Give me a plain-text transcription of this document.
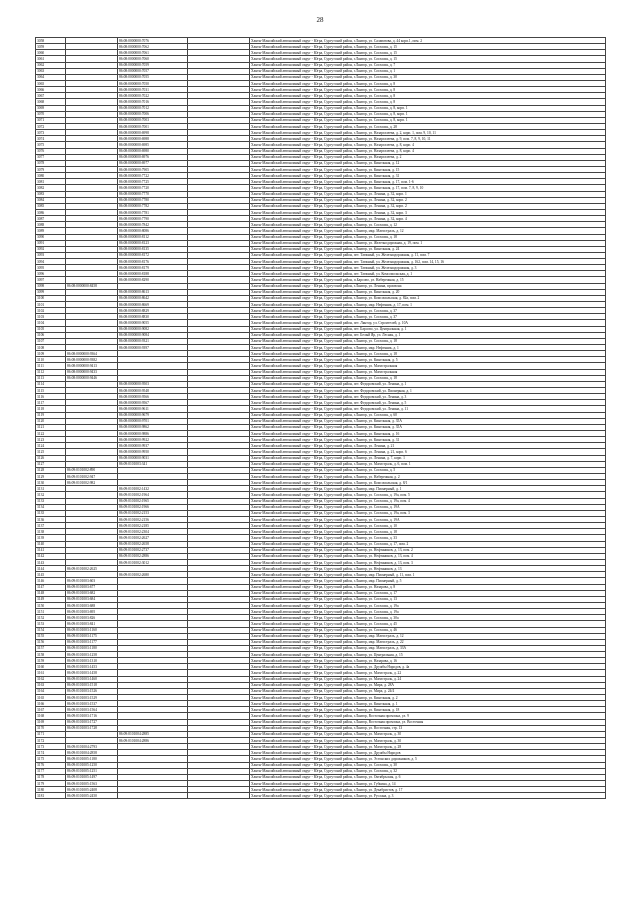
28
3058		86:08:0000000:7076		Ханты-Мансийский автономный округ - Югра, Сургутский район, г.Лянтор, ул. Салаватова, д. 44 корп.1, пом. 2
3059		86:08:0000000:7062		Ханты-Мансийский автономный округ - Югра, Сургутский район, г.Лянтор, ул. Согласия, д. 15
3060		86:08:0000000:7061		Ханты-Мансийский автономный округ - Югра, Сургутский район, г.Лянтор, ул. Согласия, д. 15
3061		86:08:0000000:7060		Ханты-Мансийский автономный округ - Югра, Сургутский район, г.Лянтор, ул. Согласия, д. 15
3062		86:08:0000000:7059		Ханты-Мансийский автономный округ - Югра, Сургутский район, г.Лянтор, ул. Согласия, д. 7
3063		86:08:0000000:7057		Ханты-Мансийский автономный округ - Югра, Сургутский район, г.Лянтор, ул. Согласия, д. 1
3064		86:08:0000000:7055		Ханты-Мансийский автономный округ - Югра, Сургутский район, г.Лянтор, ул. Согласия, д. 30
3065		86:08:0000000:7050		Ханты-Мансийский автономный округ - Югра, Сургутский район, г.Лянтор, ул. Согласия, д. 8
3066		86:08:0000000:7031		Ханты-Мансийский автономный округ - Югра, Сургутский район, г.Лянтор, ул. Согласия, д. 8
3067		86:08:0000000:7022		Ханты-Мансийский автономный округ - Югра, Сургутский район, г.Лянтор, ул. Согласия, д. 8
3068		86:08:0000000:7016		Ханты-Мансийский автономный округ - Югра, Сургутский район, г.Лянтор, ул. Согласия, д. 8
3069		86:08:0000000:7012		Ханты-Мансийский автономный округ - Югра, Сургутский район, г.Лянтор, ул. Согласия, д. 8, корп. 1
3070		86:08:0000000:7006		Ханты-Мансийский автономный округ - Югра, Сургутский район, г.Лянтор, ул. Согласия, д. 8, корп. 1
3071		86:08:0000000:7003		Ханты-Мансийский автономный округ - Югра, Сургутский район, г.Лянтор, ул. Согласия, д. 8, корп. 1
3072		86:08:0000000:7001		Ханты-Мансийский автономный округ - Югра, Сургутский район, г.Лянтор, ул. Согласия, д. 28
3073		86:08:0000000:6998		Ханты-Мансийский автономный округ - Югра, Сургутский район, г.Лянтор, ул. Назаргалеева, д. 2, корп. 1, пом. 9, 10, 11
3074		86:08:0000000:6988		Ханты-Мансийский автономный округ - Югра, Сургутский район, г.Лянтор, ул. Назаргалеева, д. 9, пом. 7, 8, 9, 10, 11
3075		86:08:0000000:6985		Ханты-Мансийский автономный округ - Югра, Сургутский район, г.Лянтор, ул. Назаргалеева, д. 8, корп. 4
3076		86:08:0000000:6980		Ханты-Мансийский автономный округ - Югра, Сургутский район, г.Лянтор, ул. Назаргалеева, д. 8, корп. 4
3077		86:08:0000000:6976		Ханты-Мансийский автономный округ - Югра, Сургутский район, г.Лянтор, ул. Назаргалеева, д. 2
3078		86:08:0000000:6977		Ханты-Мансийский автономный округ - Югра, Сургутский район, г.Лянтор, ул. Кинельная, д. 12
3079		86:08:0000000:7905		Ханты-Мансийский автономный округ - Югра, Сургутский район, г.Лянтор, ул. Кинельная, д. 15
3080		86:08:0000000:7722		Ханты-Мансийский автономный округ - Югра, Сургутский район, г.Лянтор, ул. Кинельная, д. 31
3081		86:08:0000000:7725		Ханты-Мансийский автономный округ - Югра, Сургутский район, г.Лянтор, ул. Кинельная, д. 17, пом. 1-6
3082		86:08:0000000:7720		Ханты-Мансийский автономный округ - Югра, Сургутский район, г.Лянтор, ул. Кинельная, д. 17, пом. 7, 8, 9, 10
3083		86:08:0000000:7770		Ханты-Мансийский автономный округ - Югра, Сургутский район, г.Лянтор, ул. Ленина, д. 32, корп. 1
3084		86:08:0000000:7780		Ханты-Мансийский автономный округ - Югра, Сургутский район, г.Лянтор, ул. Ленина, д. 32, корп. 2
3085		86:08:0000000:7782		Ханты-Мансийский автономный округ - Югра, Сургутский район, г.Лянтор, ул. Ленина, д. 32, корп. 2
3086		86:08:0000000:7781		Ханты-Мансийский автономный округ - Югра, Сургутский район, г.Лянтор, ул. Ленина, д. 32, корп. 3
3087		86:08:0000000:7790		Ханты-Мансийский автономный округ - Югра, Сургутский район, г.Лянтор, ул. Ленина, д. 32, корп. 4
3088		86:08:0000000:7842		Ханты-Мансийский автономный округ - Югра, Сургутский район, г.Лянтор, ул. Согласия, д. 12
3089		86:08:0000000:8086		Ханты-Мансийский автономный округ - Югра, Сургутский район, г.Лянтор, мкр. Магистраль, д. 12
3090		86:08:0000000:8112		Ханты-Мансийский автономный округ - Югра, Сургутский район, г.Лянтор, ул. Согласия, д. 18
3091		86:08:0000000:8123		Ханты-Мансийский автономный округ - Югра, Сургутский район, г.Лянтор, ул. Железнодорожная, д. 19, пом. 1
3092		86:08:0000000:8135		Ханты-Мансийский автономный округ - Югра, Сургутский район, г.Лянтор, ул. Кинельная, д. 24
3093		86:08:0000000:8172		Ханты-Мансийский автономный округ - Югра, Сургутский район, пгт. Таежный, ул. Железнодорожная, д. 11, пом. 7
3094		86:08:0000000:8176		Ханты-Мансийский автономный округ - Югра, Сургутский район, пгт. Таежный, ул. Железнодорожная, д. 162, пом. 14, 15, 16
3095		86:08:0000000:8179		Ханты-Мансийский автономный округ - Югра, Сургутский район, пгт. Таежный, ул. Железнодорожная, д. 3
3096		86:08:0000000:8188		Ханты-Мансийский автономный округ - Югра, Сургутский район, пгт. Таежный, ул. Комсомольская, д. 1
3097		86:08:0000000:8290		Ханты-Мансийский автономный округ - Югра, Сургутский район, п.Барсово, ул. Набережная, д. 15
3098	86:08:0000000:8458			Ханты-Мансийский автономный округ - Югра, Сургутский район, г.Лянтор, ул. Ленина, промзона
3099		86:08:0000000:8613		Ханты-Мансийский автономный округ - Югра, Сургутский район, г.Лянтор, ул. Кинельная, д. 20
3100		86:08:0000000:8642		Ханты-Мансийский автономный округ - Югра, Сургутский район, г.Лянтор, ул. Комсомольская, д. 82а, пом. 2
3101		86:08:0000000:8669		Ханты-Мансийский автономный округ - Югра, Сургутский район, г.Лянтор, мкр. Нефтяник, д. 17, пом. 1
3102		86:08:0000000:8829		Ханты-Мансийский автономный округ - Югра, Сургутский район, г.Лянтор, ул. Согласия, д. 37
3103		86:08:0000000:8830		Ханты-Мансийский автономный округ - Югра, Сургутский район, г.Лянтор, ул. Согласия, д. 37
3104		86:08:0000000:9055		Ханты-Мансийский автономный округ - Югра, Сургутский район, пгт. Лянтор, ул. Строителей, д. 10А
3105		86:08:0000000:9082		Ханты-Мансийский автономный округ - Югра, Сургутский район, пгт. Барсово, ул. Центральная, д. 1
3106		86:08:0000000:9084		Ханты-Мансийский автономный округ - Югра, Сургутский район, пгт. Белый Яр, ул. Лесная, д. 1
3107		86:08:0000000:9321		Ханты-Мансийский автономный округ - Югра, Сургутский район, г.Лянтор, ул. Согласия, д. 18
3108		86:08:0000000:9397		Ханты-Мансийский автономный округ - Югра, Сургутский район, г.Лянтор, мкр. Нефтяник, д. 1
3109	86:08:0000000:9364			Ханты-Мансийский автономный округ - Югра, Сургутский район, г.Лянтор, ул. Согласия, д. 18
3110	86:08:0000000:9382			Ханты-Мансийский автономный округ - Югра, Сургутский район, г.Лянтор, ул. Кинельная, д. 5
3111	86:08:0000000:9413			Ханты-Мансийский автономный округ - Югра, Сургутский район, г.Лянтор, ул. Магистральная
3112	86:08:0000000:9433			Ханты-Мансийский автономный округ - Югра, Сургутский район, г.Лянтор, ул. Магистральная
3113	86:08:0000000:9446			Ханты-Мансийский автономный округ - Югра, Сургутский район, г.Лянтор, ул. Согласия, д. 18
3114		86:08:0000000:9503		Ханты-Мансийский автономный округ - Югра, Сургутский район, пгт. Федоровский, ул. Ленина, д. 1
3115		86:08:0000000:9548		Ханты-Мансийский автономный округ - Югра, Сургутский район, пгт. Федоровский, ул. Пионерная, д. 1
3116		86:08:0000000:9566		Ханты-Мансийский автономный округ - Югра, Сургутский район, пгт. Федоровский, ул. Ленина, д. 3
3117		86:08:0000000:9567		Ханты-Мансийский автономный округ - Югра, Сургутский район, пгт. Федоровский, ул. Ленина, д. 5
3118		86:08:0000000:9611		Ханты-Мансийский автономный округ - Югра, Сургутский район, пгт. Федоровский, ул. Ленина, д. 11
3119		86:08:0000000:9679		Ханты-Мансийский автономный округ - Югра, Сургутский район, г.Лянтор, ул. Согласия, д. 60
3120		86:08:0000000:9701		Ханты-Мансийский автономный округ - Югра, Сургутский район, г.Лянтор, ул. Кинельная, д. 35А
3121		86:08:0000000:9862		Ханты-Мансийский автономный округ - Югра, Сургутский район, г.Лянтор, ул. Кинельная, д. 35А
3122		86:08:0000000:9886		Ханты-Мансийский автономный округ - Югра, Сургутский район, г.Лянтор, ул. Кинельная, д. 16
3123		86:08:0000000:9922		Ханты-Мансийский автономный округ - Югра, Сургутский район, г.Лянтор, ул. Кинельная, д. 31
3124		86:08:0000000:9937		Ханты-Мансийский автономный округ - Югра, Сургутский район, г.Лянтор, ул. Ленина, д. 21
3125		86:08:0000000:9950		Ханты-Мансийский автономный округ - Югра, Сургутский район, г.Лянтор, ул. Ленина, д. 21, корп. 6
3126		86:08:0000000:9031		Ханты-Мансийский автономный округ - Югра, Сургутский район, г.Лянтор, ул. Ленина, д. 7, корп. 1
3127		86:09:0101003:341		Ханты-Мансийский автономный округ - Югра, Сургутский район, г.Лянтор, ул. Магистраль, д. 6, пом. 1
3128	86:09:0101002:890			Ханты-Мансийский автономный округ - Югра, Сургутский район, г.Лянтор, ул. Согласия, д. 5
3129	86:09:0101002:947			Ханты-Мансийский автономный округ - Югра, Сургутский район, г.Лянтор, ул. Набережная, д. 2
3130	86:09:0101002:982			Ханты-Мансийский автономный округ - Югра, Сургутский район, г.Лянтор, ул. Комсомольская, д. 8/1
3131		86:09:0101002:1432		Ханты-Мансийский автономный округ - Югра, Сургутский район, г.Лянтор, мкр. Пионерный, д. 1
3132		86:09:0101002:1964		Ханты-Мансийский автономный округ - Югра, Сургутский район, г.Лянтор, ул. Согласия, д. 19а, пом. 5
3133		86:09:0101002:1965		Ханты-Мансийский автономный округ - Югра, Сургутский район, г.Лянтор, ул. Согласия, д. 19а, пом. 4
3134		86:09:0101002:1966		Ханты-Мансийский автономный округ - Югра, Сургутский район, г.Лянтор, ул. Согласия, д. 19А
3135		86:09:0101002:2153		Ханты-Мансийский автономный округ - Югра, Сургутский район, г.Лянтор, ул. Согласия, д. 19а, пом. 3
3136		86:09:0101002:2156		Ханты-Мансийский автономный округ - Югра, Сургутский район, г.Лянтор, ул. Согласия, д. 19А
3137		86:09:0101002:2185		Ханты-Мансийский автономный округ - Югра, Сургутский район, г.Лянтор, ул. Согласия, д. 10
3138		86:09:0101002:2304		Ханты-Мансийский автономный округ - Югра, Сургутский район, г.Лянтор, ул. Согласия, д. 18
3139		86:09:0101002:2627		Ханты-Мансийский автономный округ - Югра, Сургутский район, г.Лянтор, ул. Согласия, д. 33
3140		86:09:0101002:2658		Ханты-Мансийский автономный округ - Югра, Сургутский район, г.Лянтор, ул. Согласия, д. 17, пом. 2
3141		86:09:0101002:2737		Ханты-Мансийский автономный округ - Югра, Сургутский район, г.Лянтор, ул. Нефтяников, д. 13, пом. 2
3142		86:09:0101002:2886		Ханты-Мансийский автономный округ - Югра, Сургутский район, г.Лянтор, ул. Нефтяников, д. 13, пом. 4
3143		86:09:0101002:3012		Ханты-Мансийский автономный округ - Югра, Сургутский район, г.Лянтор, ул. Нефтяников, д. 13, пом. 3
3144	86:09:0101002:2625			Ханты-Мансийский автономный округ - Югра, Сургутский район, г.Лянтор, ул. Нефтяников, д. 13
3145		86:09:0101002:2680		Ханты-Мансийский автономный округ - Югра, Сургутский район, г.Лянтор, мкр. Пионерный, д. 11, пом. 1
3146	86:09:0101003:603			Ханты-Мансийский автономный округ - Югра, Сургутский район, г.Лянтор, мкр. Пионерный, д. 5
3147	86:09:0101003:677			Ханты-Мансийский автономный округ - Югра, Сургутский район, г.Лянтор, ул. Назарова, д. 8
3148	86:09:0101003:682			Ханты-Мансийский автономный округ - Югра, Сургутский район, г.Лянтор, ул. Согласия, д. 17
3149	86:09:0101003:684			Ханты-Мансийский автономный округ - Югра, Сургутский район, г.Лянтор, ул. Согласия, д. 13
3150	86:09:0101003:688			Ханты-Мансийский автономный округ - Югра, Сургутский район, г.Лянтор, ул. Согласия, д. 19а
3151	86:09:0101003:695			Ханты-Мансийский автономный округ - Югра, Сургутский район, г.Лянтор, ул. Согласия, д. 19а
3152	86:09:0101003:826			Ханты-Мансийский автономный округ - Югра, Сургутский район, г.Лянтор, ул. Согласия, д. 30а
3153	86:09:0101003:841			Ханты-Мансийский автономный округ - Югра, Сургутский район, г.Лянтор, ул. Согласия, д. 45
3154	86:09:0101003:1160			Ханты-Мансийский автономный округ - Югра, Сургутский район, г.Лянтор, ул. Согласия, д. 46
3155	86:09:0101003:1175			Ханты-Мансийский автономный округ - Югра, Сургутский район, г.Лянтор, мкр. Магистраль, д. 12
3156	86:09:0101003:1177			Ханты-Мансийский автономный округ - Югра, Сургутский район, г.Лянтор, мкр. Магистраль, д. 22
3157	86:09:0101003:1180			Ханты-Мансийский автономный округ - Югра, Сургутский район, г.Лянтор, мкр. Магистраль, д. 33А
3158	86:09:0101003:1258			Ханты-Мансийский автономный округ - Югра, Сургутский район, г.Лянтор, ул. Центральная, д. 15
3159	86:09:0101003:1310			Ханты-Мансийский автономный округ - Югра, Сургутский район, г.Лянтор, ул. Назарова, д. 16
3160	86:09:0101003:1453			Ханты-Мансийский автономный округ - Югра, Сургутский район, г.Лянтор, ул. Дружбы Народов, д. 4а
3161	86:09:0101003:1458			Ханты-Мансийский автономный округ - Югра, Сургутский район, г.Лянтор, ул. Магистраль, д. 22
3162	86:09:0101003:1460			Ханты-Мансийский автономный округ - Югра, Сургутский район, г.Лянтор, ул. Магистраль, д. 24
3163	86:09:0101003:1518			Ханты-Мансийский автономный округ - Югра, Сургутский район, г.Лянтор, ул. Мира, д. 28А
3164	86:09:0101003:1526			Ханты-Мансийский автономный округ - Югра, Сургутский район, г.Лянтор, ул. Мира, д. 24/4
3165	86:09:0101003:1529			Ханты-Мансийский автономный округ - Югра, Сургутский район, г.Лянтор, ул. Кинельная, д. 2
3166	86:09:0101003:1537			Ханты-Мансийский автономный округ - Югра, Сургутский район, г.Лянтор, ул. Кинельная, д. 1
3167	86:09:0101003:1564			Ханты-Мансийский автономный округ - Югра, Сургутский район, г.Лянтор, ул. Кинельная, д. 18
3168	86:09:0101003:1716			Ханты-Мансийский автономный округ - Югра, Сургутский район, г.Лянтор, Восточная промзона, ул. 9
3169	86:09:0101003:1727			Ханты-Мансийский автономный округ - Югра, Сургутский район, г.Лянтор, Восточная промзона, ул. Восточная
3170	86:09:0101003:1728			Ханты-Мансийский автономный округ - Югра, Сургутский район, г.Лянтор, ул. Восточная, стр. 13
3171		86:09:0101004:2885		Ханты-Мансийский автономный округ - Югра, Сургутский район, г.Лянтор, ул. Магистраль, д. 30
3172		86:09:0101004:2886		Ханты-Мансийский автономный округ - Югра, Сургутский район, г.Лянтор, ул. Магистраль, д. 30
3173	86:09:0101004:2793			Ханты-Мансийский автономный округ - Югра, Сургутский район, г.Лянтор, ул. Магистраль, д. 28
3174	86:09:0101004:2858			Ханты-Мансийский автономный округ - Югра, Сургутский район, г.Лянтор, ул. Дружбы Народов
3175	86:09:0101005:1180			Ханты-Мансийский автономный округ - Югра, Сургутский район, г.Лянтор, ул. Эстонских дорожников, д. 5
3176	86:09:0101005:1250			Ханты-Мансийский автономный округ - Югра, Сургутский район, г.Лянтор, ул. Согласия, д. 30
3177	86:09:0101005:1251			Ханты-Мансийский автономный округ - Югра, Сургутский район, г.Лянтор, ул. Согласия, д. 32
3178	86:09:0101005:1497			Ханты-Мансийский автономный округ - Югра, Сургутский район, г.Лянтор, ул. Октябрьская, д. 6
3179	86:09:0101005:1563			Ханты-Мансийский автономный округ - Югра, Сургутский район, г.Лянтор, ул. Губкина, д. 14
3180	86:09:0101005:2408			Ханты-Мансийский автономный округ - Югра, Сургутский район, г.Лянтор, ул. Декабристов, д. 17
3181	86:09:0101005:2450			Ханты-Мансийский автономный округ - Югра, Сургутский район, г.Лянтор, ул. Руслана, д. 3
